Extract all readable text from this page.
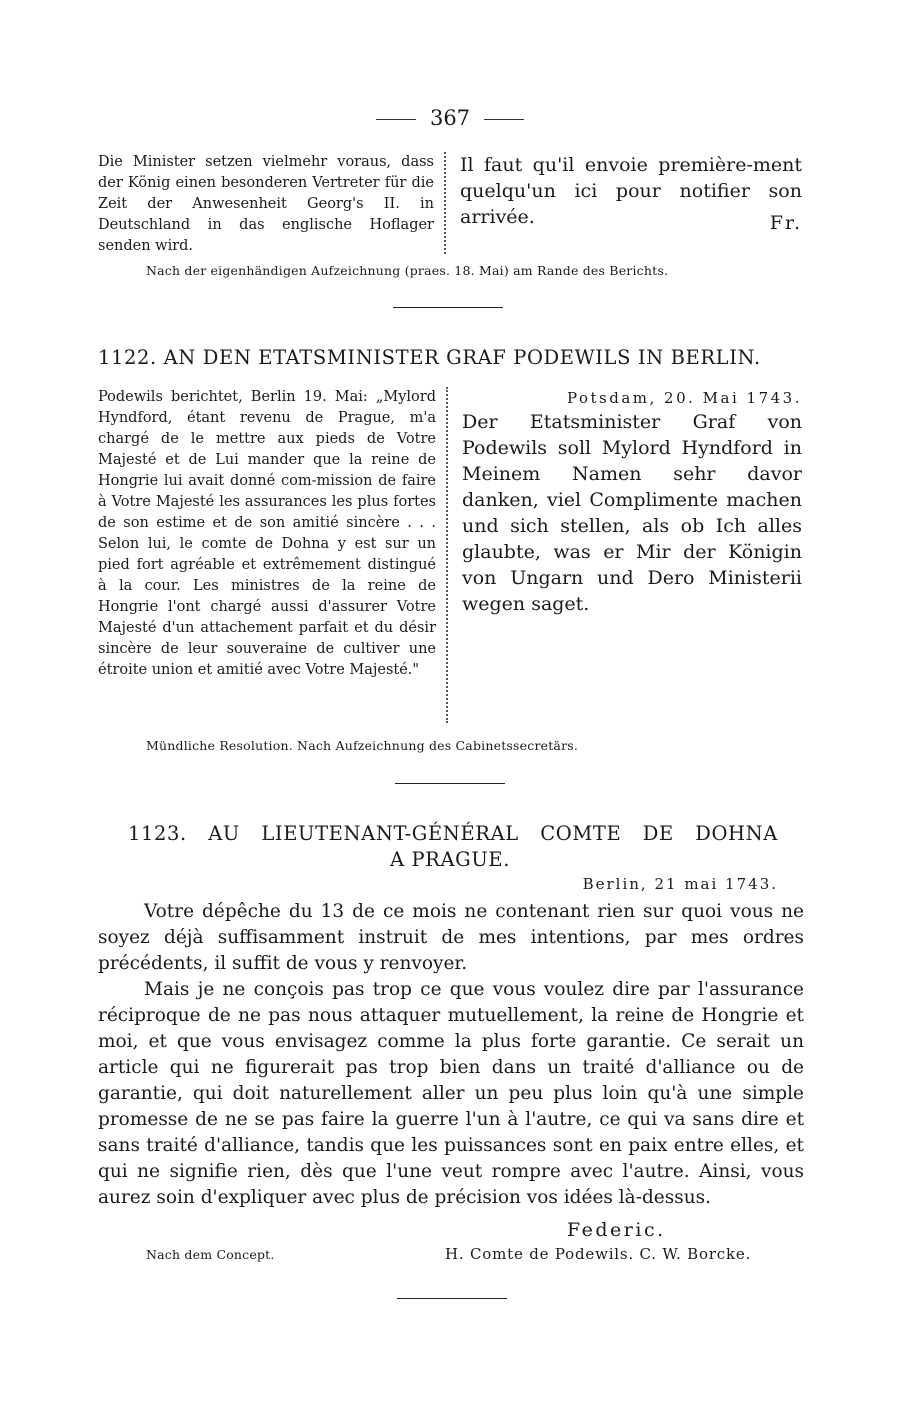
367
Die Minister setzen vielmehr voraus, dass der König einen besonderen Vertreter für die Zeit der Anwesenheit Georg's II. in Deutschland in das englische Hoflager senden wird.
Il faut qu'il envoie première-ment quelqu'un ici pour notifier son arrivée.	Fr.
Nach der eigenhändigen Aufzeichnung (praes. 18. Mai) am Rande des Berichts.
1122. AN DEN ETATSMINISTER GRAF PODEWILS IN BERLIN.
Podewils berichtet, Berlin 19. Mai: „Mylord Hyndford, étant revenu de Prague, m'a chargé de le mettre aux pieds de Votre Majesté et de Lui mander que la reine de Hongrie lui avait donné com-mission de faire à Votre Majesté les assurances les plus fortes de son estime et de son amitié sincère . . . Selon lui, le comte de Dohna y est sur un pied fort agréable et extrêmement distingué à la cour. Les ministres de la reine de Hongrie l'ont chargé aussi d'assurer Votre Majesté d'un attachement parfait et du désir sincère de leur souveraine de cultiver une étroite union et amitié avec Votre Majesté."
Potsdam, 20. Mai 1743.
Der Etatsminister Graf von Podewils soll Mylord Hyndford in Meinem Namen sehr davor danken, viel Complimente machen und sich stellen, als ob Ich alles glaubte, was er Mir der Königin von Ungarn und Dero Ministerii wegen saget.
Mündliche Resolution. Nach Aufzeichnung des Cabinetssecretärs.
1123. AU LIEUTENANT-GÉNÉRAL COMTE DE DOHNA
A PRAGUE.
Berlin, 21 mai 1743.

Votre dépêche du 13 de ce mois ne contenant rien sur quoi vous ne soyez déjà suffisamment instruit de mes intentions, par mes ordres précédents, il suffit de vous y renvoyer.

Mais je ne conçois pas trop ce que vous voulez dire par l'assurance réciproque de ne pas nous attaquer mutuellement, la reine de Hongrie et moi, et que vous envisagez comme la plus forte garantie. Ce serait un article qui ne figurerait pas trop bien dans un traité d'alliance ou de garantie, qui doit naturellement aller un peu plus loin qu'à une simple promesse de ne se pas faire la guerre l'un à l'autre, ce qui va sans dire et sans traité d'alliance, tandis que les puissances sont en paix entre elles, et qui ne signifie rien, dès que l'une veut rompre avec l'autre. Ainsi, vous aurez soin d'expliquer avec plus de précision vos idées là-dessus.

Federic.
Nach dem Concept.	H. Comte de Podewils. C. W. Borcke.
